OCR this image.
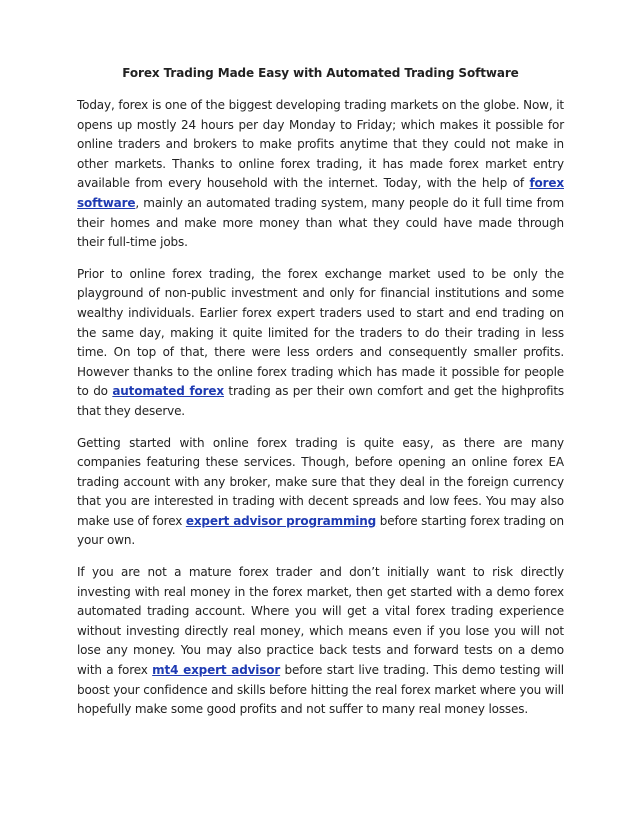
Forex Trading Made Easy with Automated Trading Software

Today, forex is one of the biggest developing trading markets on the globe. Now, it opens up mostly 24 hours per day Monday to Friday; which makes it possible for online traders and brokers to make profits anytime that they could not make in other markets. Thanks to online forex trading, it has made forex market entry available from every household with the internet. Today, with the help of forex software, mainly an automated trading system, many people do it full time from their homes and make more money than what they could have made through their full-time jobs.

Prior to online forex trading, the forex exchange market used to be only the playground of non-public investment and only for financial institutions and some wealthy individuals. Earlier forex expert traders used to start and end trading on the same day, making it quite limited for the traders to do their trading in less time. On top of that, there were less orders and consequently smaller profits. However thanks to the online forex trading which has made it possible for people to do automated forex trading as per their own comfort and get the highprofits that they deserve.

Getting started with online forex trading is quite easy, as there are many companies featuring these services. Though, before opening an online forex EA trading account with any broker, make sure that they deal in the foreign currency that you are interested in trading with decent spreads and low fees. You may also make use of forex expert advisor programming before starting forex trading on your own.

If you are not a mature forex trader and don’t initially want to risk directly investing with real money in the forex market, then get started with a demo forex automated trading account. Where you will get a vital forex trading experience without investing directly real money, which means even if you lose you will not lose any money. You may also practice back tests and forward tests on a demo with a forex mt4 expert advisor before start live trading. This demo testing will boost your confidence and skills before hitting the real forex market where you will hopefully make some good profits and not suffer to many real money losses.
